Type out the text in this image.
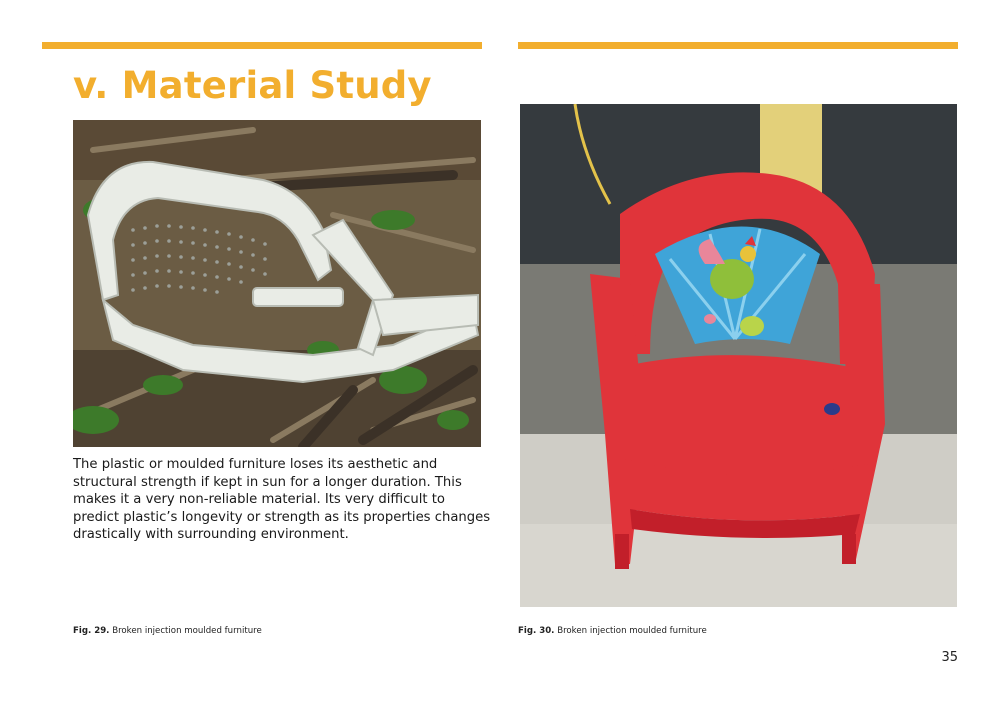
v. Material Study

The plastic or moulded furniture loses its aesthetic and structural strength if kept in sun for a longer duration. This makes it a very non-reliable material. Its very difficult to predict plastic’s longevity or strength as its properties changes drastically with surrounding environment.

Fig. 29. Broken injection moulded furniture	Fig. 30. Broken injection moulded furniture

35
